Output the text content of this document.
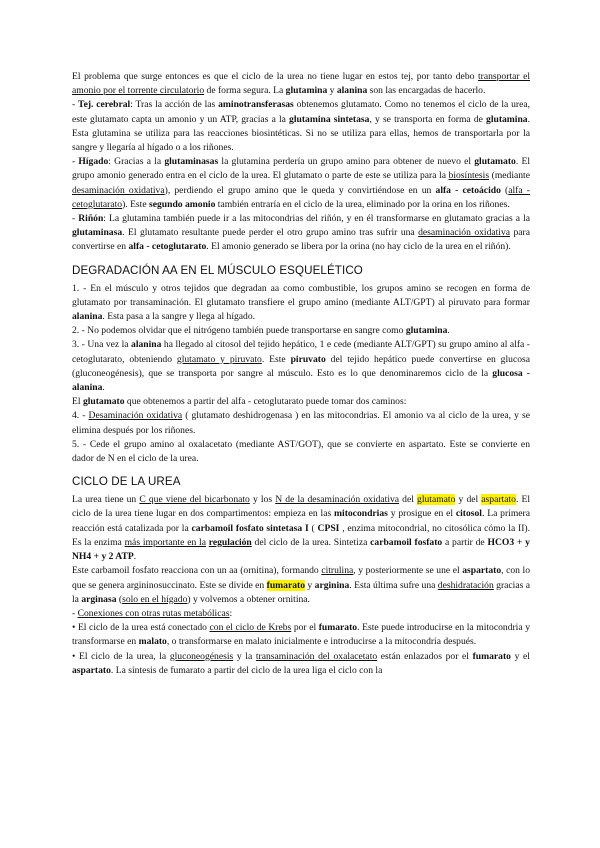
El problema que surge entonces es que el ciclo de la urea no tiene lugar en estos tej, por tanto debo transportar el amonio por el torrente circulatorio de forma segura. La glutamina y alanina son las encargadas de hacerlo.

- Tej. cerebral: Tras la acción de las aminotransferasas obtenemos glutamato. Como no tenemos el ciclo de la urea, este glutamato capta un amonio y un ATP, gracias a la glutamina sintetasa, y se transporta en forma de glutamina. Esta glutamina se utiliza para las reacciones biosintéticas. Si no se utiliza para ellas, hemos de transportarla por la sangre y llegaría al hígado o a los riñones.

- Hígado: Gracias a la glutaminasas la glutamina perdería un grupo amino para obtener de nuevo el glutamato. El grupo amonio generado entra en el ciclo de la urea. El glutamato o parte de este se utiliza para la biosíntesis (mediante desaminación oxidativa), perdiendo el grupo amino que le queda y convirtiéndose en un alfa - cetoácido (alfa - cetoglutarato). Este segundo amonio también entraría en el ciclo de la urea, eliminado por la orina en los riñones.

- Riñón: La glutamina también puede ir a las mitocondrias del riñón, y en él transformarse en glutamato gracias a la glutaminasa. El glutamato resultante puede perder el otro grupo amino tras sufrir una desaminación oxidativa para convertirse en alfa - cetoglutarato. El amonio generado se libera por la orina (no hay ciclo de la urea en el riñón).

DEGRADACIÓN AA EN EL MÚSCULO ESQUELÉTICO

1. - En el músculo y otros tejidos que degradan aa como combustible, los grupos amino se recogen en forma de glutamato por transaminación. El glutamato transfiere el grupo amino (mediante ALT/GPT) al piruvato para formar alanina. Esta pasa a la sangre y llega al hígado.

2. - No podemos olvidar que el nitrógeno también puede transportarse en sangre como glutamina.

3. - Una vez la alanina ha llegado al citosol del tejido hepático, 1 e cede (mediante ALT/GPT) su grupo amino al alfa - cetoglutarato, obteniendo glutamato y piruvato. Este piruvato del tejido hepático puede convertirse en glucosa (gluconeogénesis), que se transporta por sangre al músculo. Esto es lo que denominaremos ciclo de la glucosa - alanina.

El glutamato que obtenemos a partir del alfa - cetoglutarato puede tomar dos caminos:

4. - Desaminación oxidativa ( glutamato deshidrogenasa ) en las mitocondrias. El amonio va al ciclo de la urea, y se elimina después por los riñones.

5. - Cede el grupo amino al oxalacetato (mediante AST/GOT), que se convierte en aspartato. Este se convierte en dador de N en el ciclo de la urea.

CICLO DE LA UREA

La urea tiene un C que viene del bicarbonato y los N de la desaminación oxidativa del glutamato y del aspartato. El ciclo de la urea tiene lugar en dos compartimentos: empieza en las mitocondrias y prosigue en el citosol. La primera reacción está catalizada por la carbamoil fosfato sintetasa I ( CPSI , enzima mitocondrial, no citosólica cómo la II). Es la enzima más importante en la regulación del ciclo de la urea. Sintetiza carbamoil fosfato a partir de HCO3 + y NH4 + y 2 ATP.

Este carbamoil fosfato reacciona con un aa (ornitina), formando citrulina, y posteriormente se une el aspartato, con lo que se genera argininosuccinato. Este se divide en fumarato y arginina. Esta última sufre una deshidratación gracias a la arginasa (solo en el hígado) y volvemos a obtener ornitina.

- Conexiones con otras rutas metabólicas:

• El ciclo de la urea está conectado con el ciclo de Krebs por el fumarato. Este puede introducirse en la mitocondria y transformarse en malato, o transformarse en malato inicialmente e introducirse a la mitocondria después.

• El ciclo de la urea, la gluconeogénesis y la transaminación del oxalacetato están enlazados por el fumarato y el aspartato. La síntesis de fumarato a partir del ciclo de la urea liga el ciclo con la
